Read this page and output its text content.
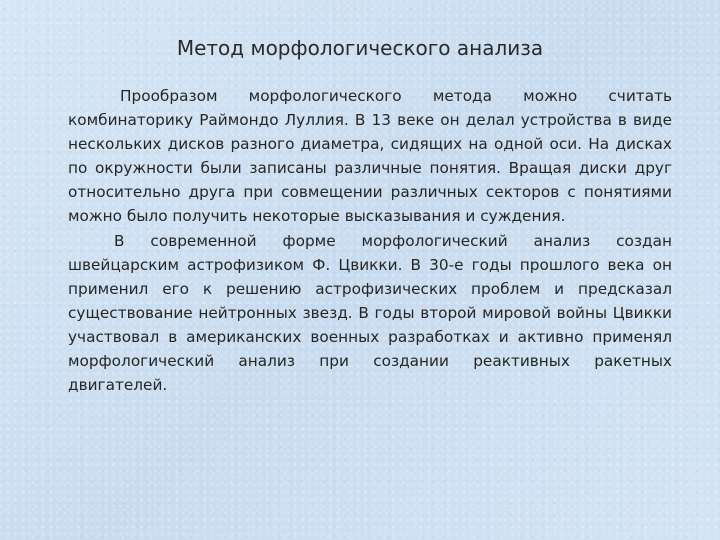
Метод морфологического анализа

Прообразом морфологического метода можно считать комбинаторику Раймондо Луллия. В 13 веке он делал устройства в виде нескольких дисков разного диаметра, сидящих на одной оси. На дисках по окружности были записаны различные понятия. Вращая диски друг относительно друга при совмещении различных секторов с понятиями можно было получить некоторые высказывания и суждения.

В современной форме морфологический анализ создан швейцарским астрофизиком Ф. Цвикки. В 30-е годы прошлого века он применил его к решению астрофизических проблем и предсказал существование нейтронных звезд. В годы второй мировой войны Цвикки участвовал в американских военных разработках и активно применял морфологический анализ при создании реактивных ракетных двигателей.
